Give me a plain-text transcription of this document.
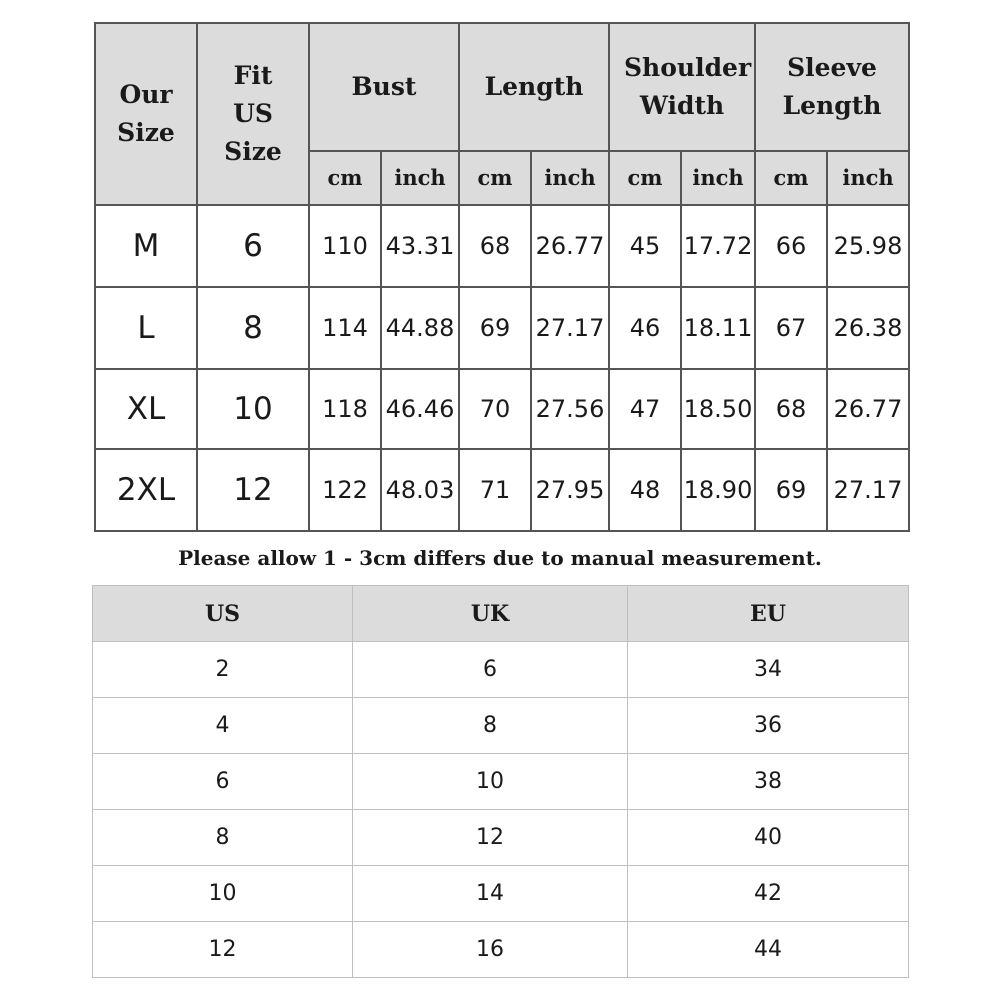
Our Size	Fit US Size	Bust		Length		Shoulder Width		Sleeve Length	
		cm	inch	cm	inch	cm	inch	cm	inch
M	6	110	43.31	68	26.77	45	17.72	66	25.98
L	8	114	44.88	69	27.17	46	18.11	67	26.38
XL	10	118	46.46	70	27.56	47	18.50	68	26.77
2XL	12	122	48.03	71	27.95	48	18.90	69	27.17
Please allow 1 - 3cm differs due to manual measurement.
US	UK	EU
2	6	34
4	8	36
6	10	38
8	12	40
10	14	42
12	16	44
